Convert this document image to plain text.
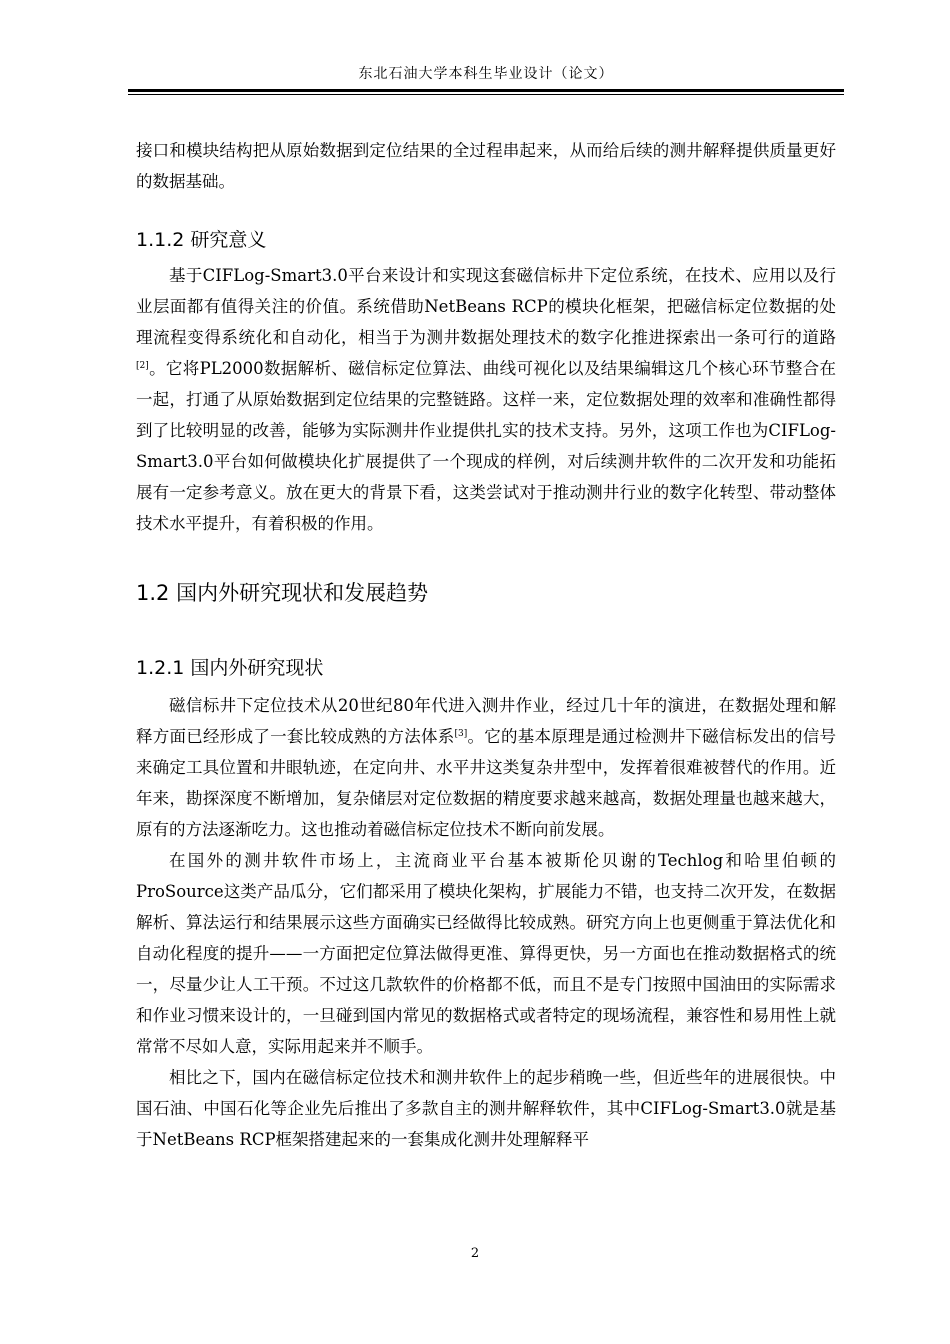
东北石油大学本科生毕业设计（论文）

接口和模块结构把从原始数据到定位结果的全过程串起来，从而给后续的测井解释提供质量更好的数据基础。

1.1.2 研究意义

基于CIFLog-Smart3.0平台来设计和实现这套磁信标井下定位系统，在技术、应用以及行业层面都有值得关注的价值。系统借助NetBeans RCP的模块化框架，把磁信标定位数据的处理流程变得系统化和自动化，相当于为测井数据处理技术的数字化推进探索出一条可行的道路[2]。它将PL2000数据解析、磁信标定位算法、曲线可视化以及结果编辑这几个核心环节整合在一起，打通了从原始数据到定位结果的完整链路。这样一来，定位数据处理的效率和准确性都得到了比较明显的改善，能够为实际测井作业提供扎实的技术支持。另外，这项工作也为CIFLog-Smart3.0平台如何做模块化扩展提供了一个现成的样例，对后续测井软件的二次开发和功能拓展有一定参考意义。放在更大的背景下看，这类尝试对于推动测井行业的数字化转型、带动整体技术水平提升，有着积极的作用。

1.2 国内外研究现状和发展趋势
1.2.1 国内外研究现状

磁信标井下定位技术从20世纪80年代进入测井作业，经过几十年的演进，在数据处理和解释方面已经形成了一套比较成熟的方法体系[3]。它的基本原理是通过检测井下磁信标发出的信号来确定工具位置和井眼轨迹，在定向井、水平井这类复杂井型中，发挥着很难被替代的作用。近年来，勘探深度不断增加，复杂储层对定位数据的精度要求越来越高，数据处理量也越来越大，原有的方法逐渐吃力。这也推动着磁信标定位技术不断向前发展。

在国外的测井软件市场上，主流商业平台基本被斯伦贝谢的Techlog和哈里伯顿的ProSource这类产品瓜分，它们都采用了模块化架构，扩展能力不错，也支持二次开发，在数据解析、算法运行和结果展示这些方面确实已经做得比较成熟。研究方向上也更侧重于算法优化和自动化程度的提升——一方面把定位算法做得更准、算得更快，另一方面也在推动数据格式的统一，尽量少让人工干预。不过这几款软件的价格都不低，而且不是专门按照中国油田的实际需求和作业习惯来设计的，一旦碰到国内常见的数据格式或者特定的现场流程，兼容性和易用性上就常常不尽如人意，实际用起来并不顺手。

相比之下，国内在磁信标定位技术和测井软件上的起步稍晚一些，但近些年的进展很快。中国石油、中国石化等企业先后推出了多款自主的测井解释软件，其中CIFLog-Smart3.0就是基于NetBeans RCP框架搭建起来的一套集成化测井处理解释平

2
